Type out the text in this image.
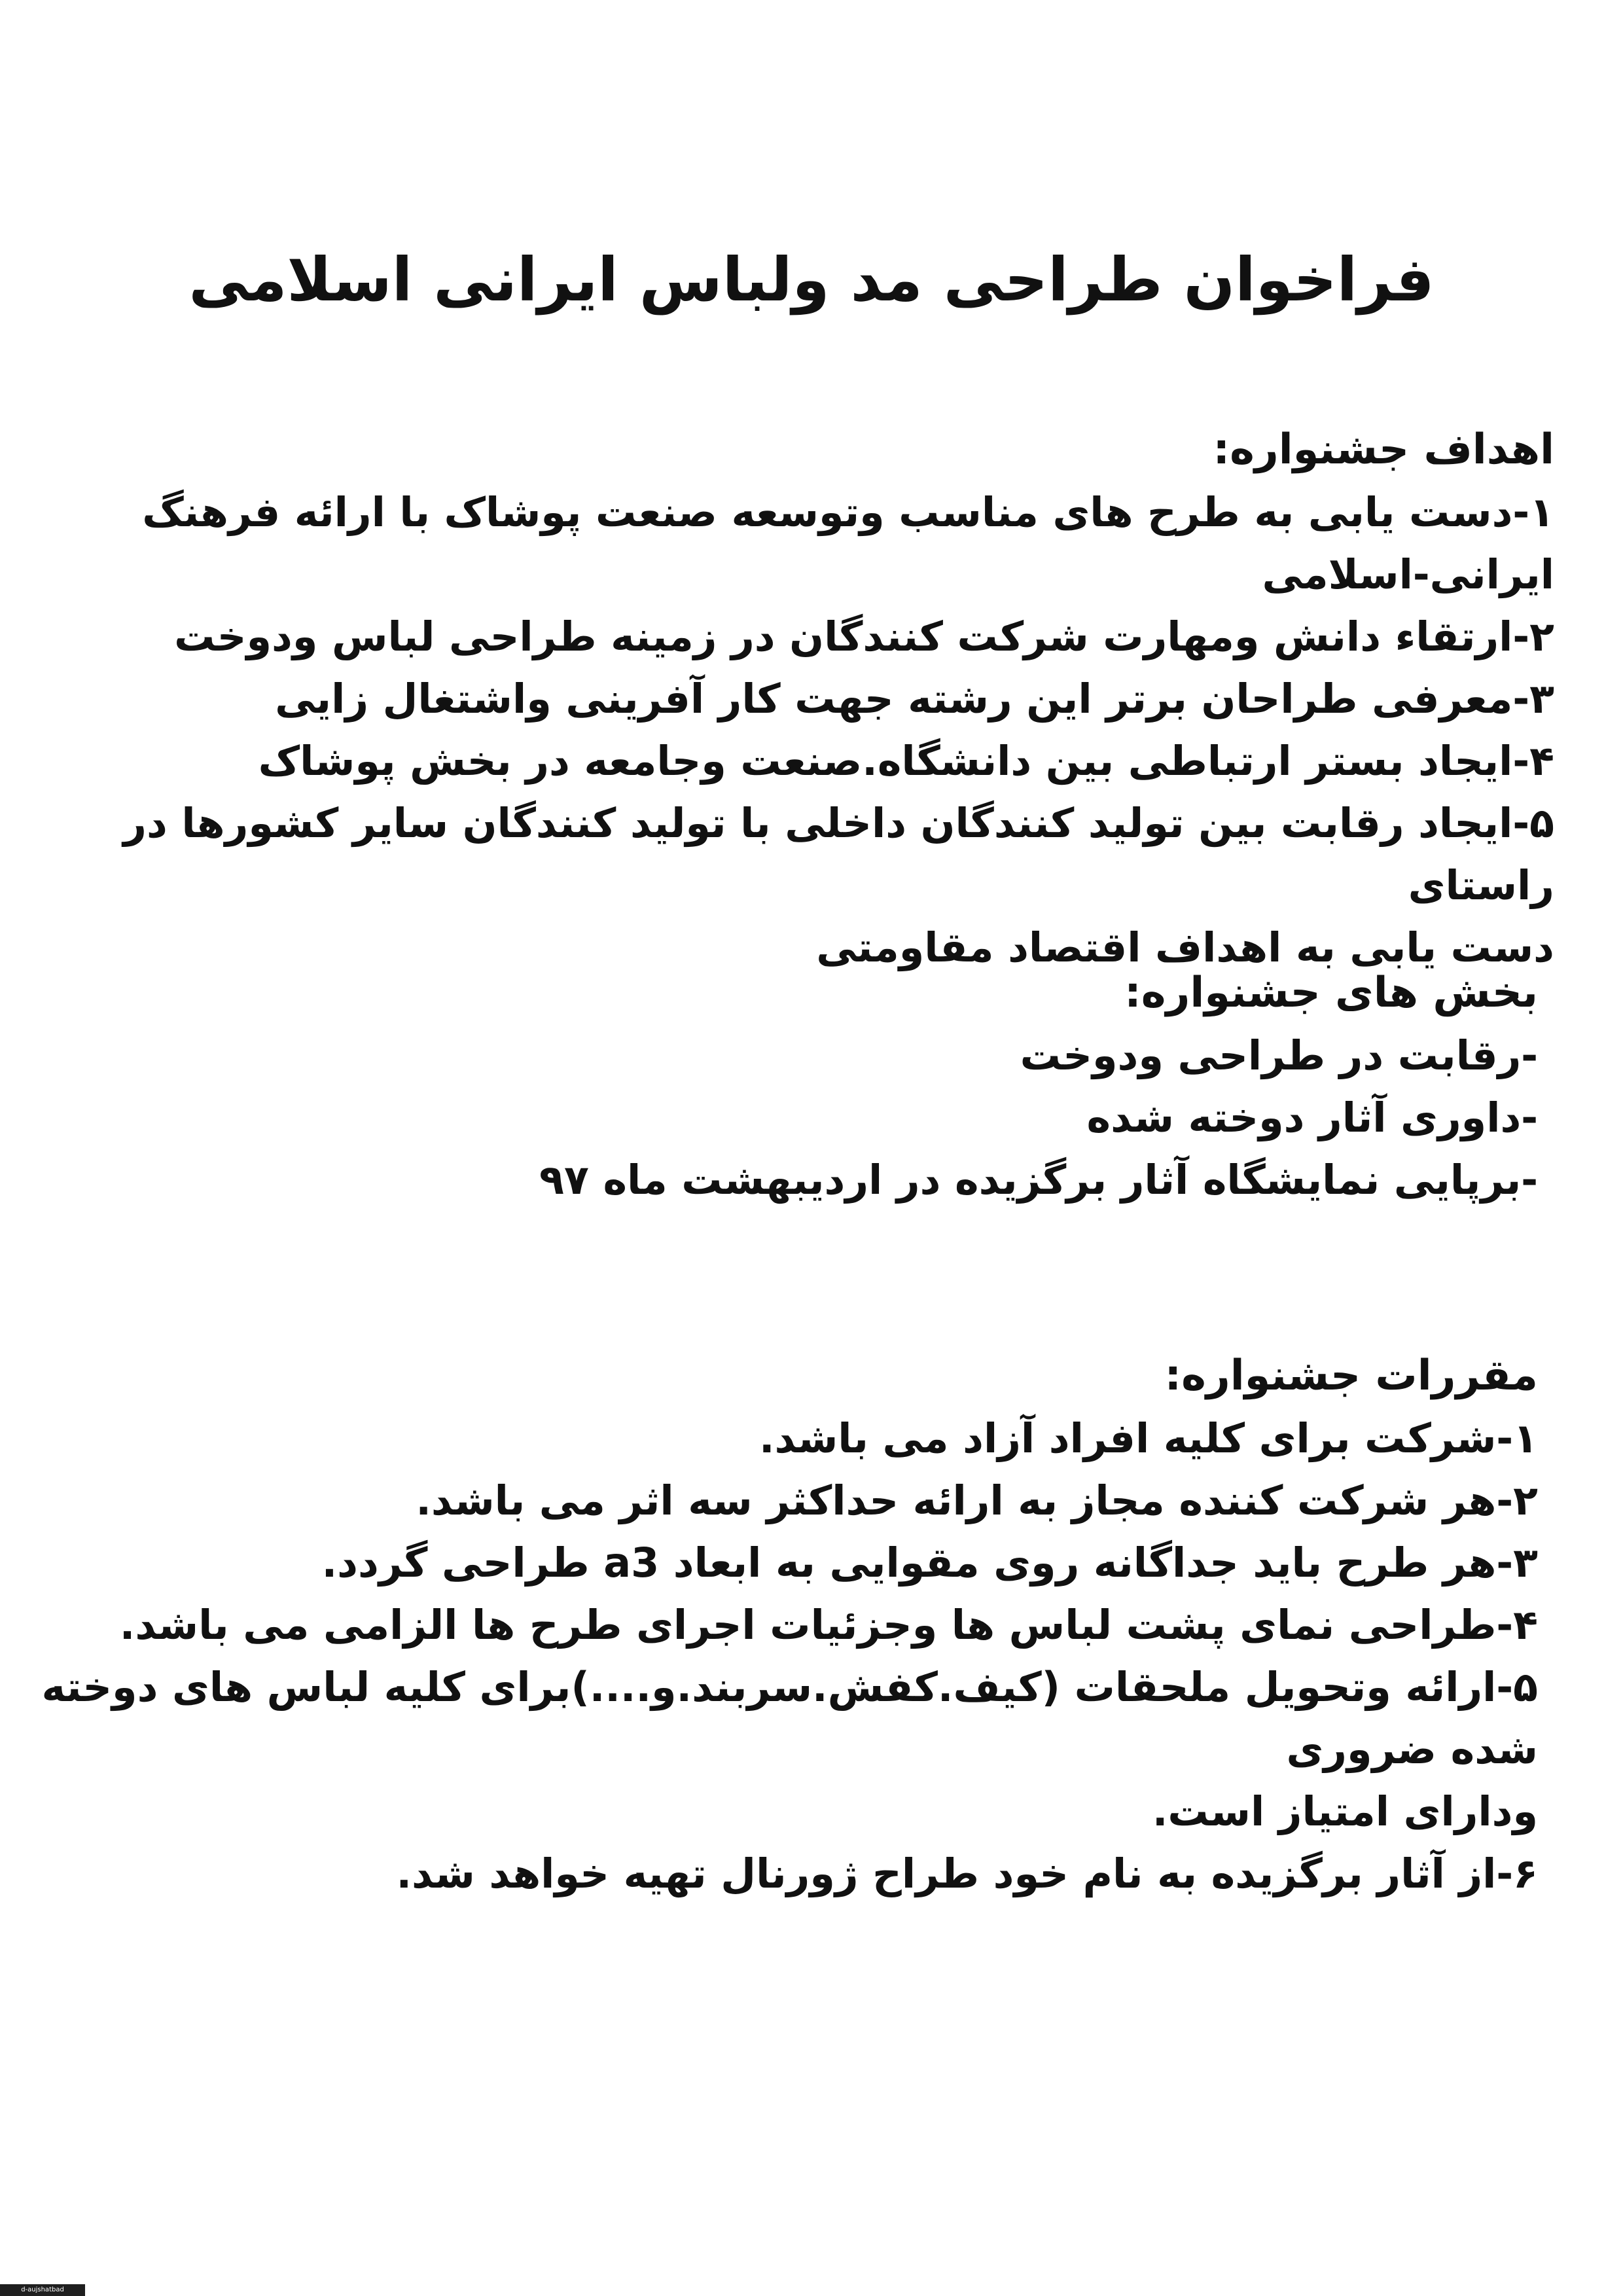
فراخوان طراحی مد ولباس ایرانی اسلامی

اهداف جشنواره:

۱-دست یابی به طرح های مناسب وتوسعه صنعت پوشاک با ارائه فرهنگ ایرانی-اسلامی

۲-ارتقاء دانش ومهارت شرکت کنندگان در زمینه طراحی لباس ودوخت

۳-معرفی طراحان برتر این رشته جهت کار آفرینی واشتغال زایی

۴-ایجاد بستر ارتباطی بین دانشگاه.صنعت وجامعه در بخش پوشاک

۵-ایجاد رقابت بین تولید کنندگان داخلی با تولید کنندگان سایر کشورها در راستای

دست یابی به اهداف اقتصاد مقاومتی

بخش های جشنواره:

-رقابت در طراحی ودوخت

-داوری آثار دوخته شده

-برپایی نمایشگاه آثار برگزیده در اردیبهشت ماه ۹۷

مقررات جشنواره:

۱-شرکت برای کلیه افراد آزاد می باشد.

۲-هر شرکت کننده مجاز به ارائه حداکثر سه اثر می باشد.

۳-هر طرح باید جداگانه روی مقوایی به ابعاد a3 طراحی گردد.

۴-طراحی نمای پشت لباس ها وجزئیات اجرای طرح ها الزامی می باشد.

۵-ارائه وتحویل ملحقات (کیف.کفش.سربند.و....)برای کلیه لباس های دوخته شده ضروری

ودارای امتیاز است.

۶-از آثار برگزیده به نام خود طراح ژورنال تهیه خواهد شد.

d-aujshatbad
